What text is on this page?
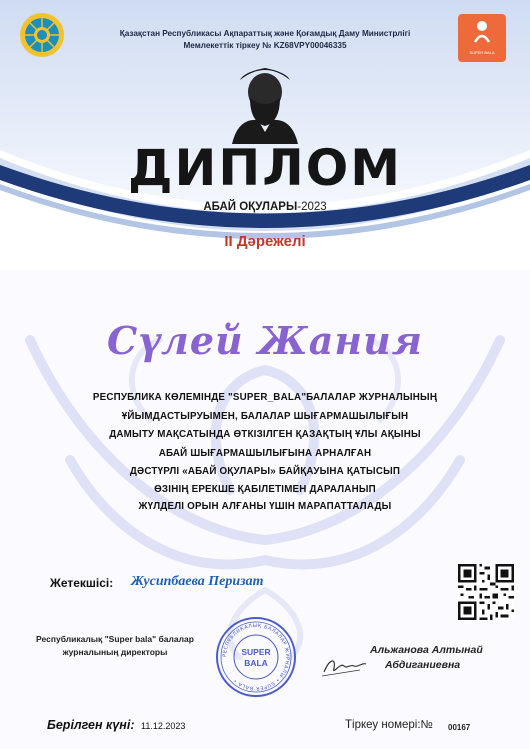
SUPER BALA
Қазақстан Республикасы Ақпараттық және Қоғамдық Даму Министрлігі
Мемлекеттік тіркеу № KZ68VPY00046335
ДИПЛОМ
АБАЙ ОҚУЛАРЫ-2023
II Дәрежелі
Сүлей Жания
РЕСПУБЛИКА КӨЛЕМІНДЕ "SUPER_BALA"БАЛАЛАР ЖУРНАЛЫНЫҢ
ҰЙЫМДАСТЫРУЫМЕН, БАЛАЛАР ШЫҒАРМАШЫЛЫҒЫН
ДАМЫТУ МАҚСАТЫНДА ӨТКІЗІЛГЕН ҚАЗАҚТЫҢ ҰЛЫ АҚЫНЫ
АБАЙ ШЫҒАРМАШЫЛЫҒЫНА АРНАЛҒАН
ДӘСТҮРЛІ «АБАЙ ОҚУЛАРЫ» БАЙҚАУЫНА ҚАТЫСЫП
ӨЗІНІҢ ЕРЕКШЕ ҚАБІЛЕТІМЕН ДАРАЛАНЫП
ЖҮЛДЕЛІ ОРЫН АЛҒАНЫ ҮШІН МАРАПАТТАЛАДЫ
Жетекшісі: Жусипбаева Перизат
Республикалық "Super bala" балалар
журналының директоры	РЕСПУБЛИКАЛЫҚ БАЛАЛАР ЖУРНАЛЫ • SUPER BALA •
SUPER
BALA
Альжанова Алтынай
Абдиганиевна
Берілген күні: 11.12.2023	Тіркеу номері:№ 00167
